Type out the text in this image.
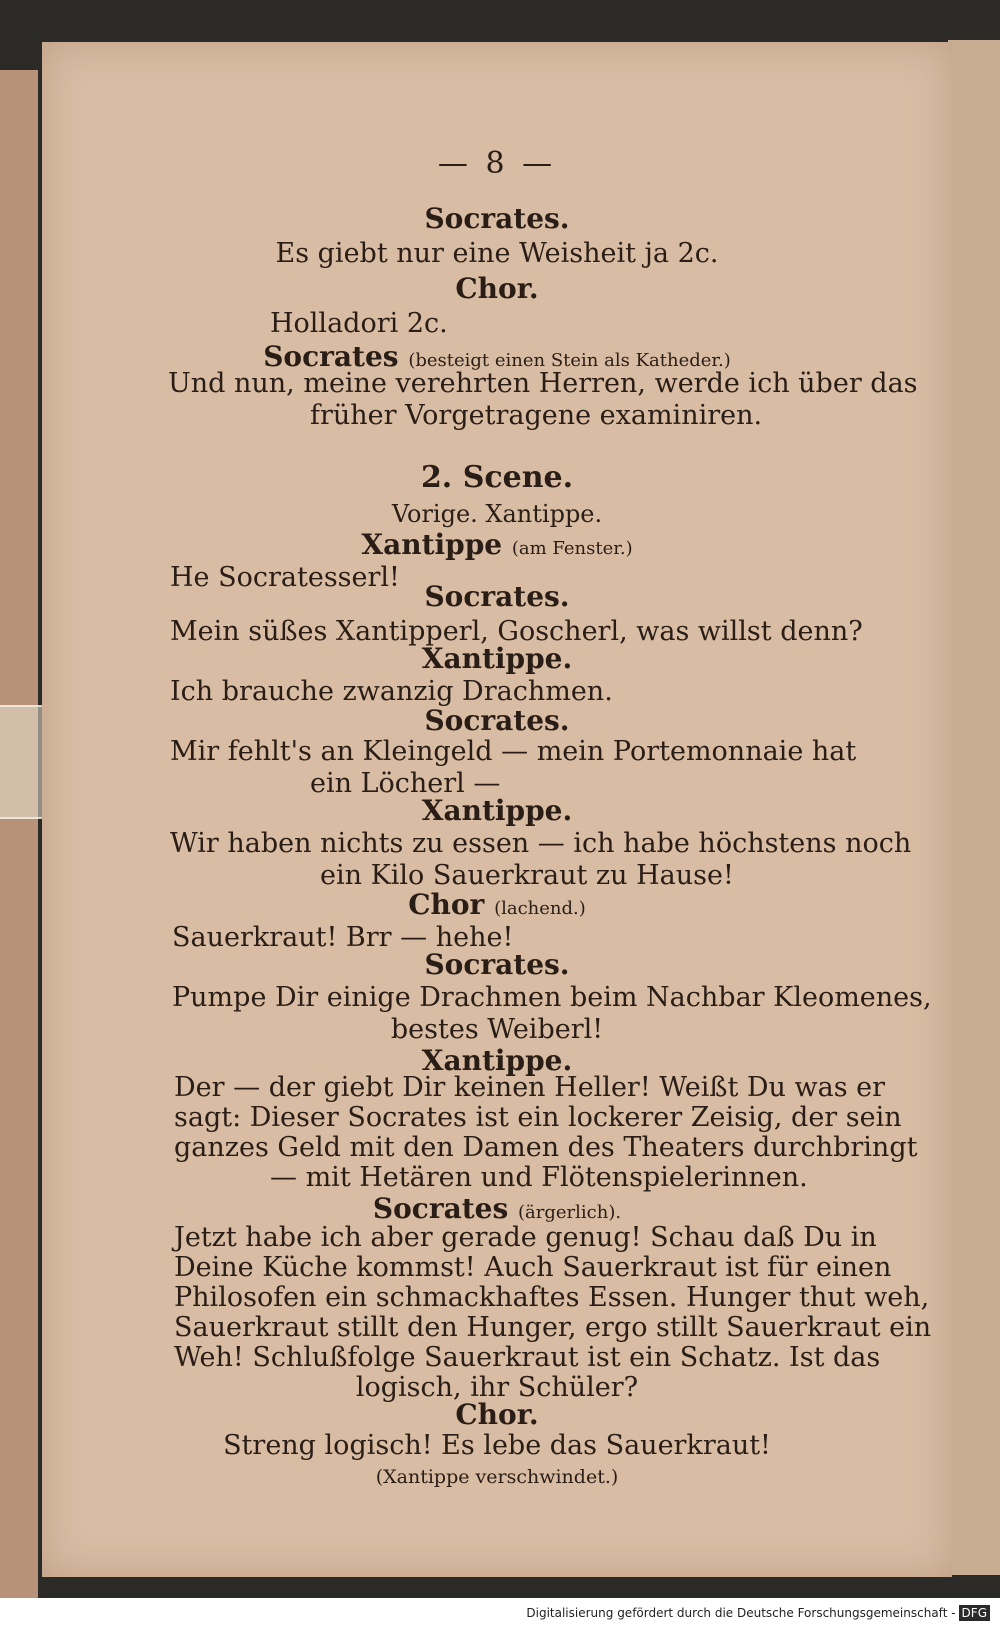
— 8 —
Socrates.
Es giebt nur eine Weisheit ja 2c.
Chor.
Holladori 2c.
Socrates (besteigt einen Stein als Katheder.)
Und nun, meine verehrten Herren, werde ich über das
früher Vorgetragene examiniren.
2. Scene.
Vorige. Xantippe.
Xantippe (am Fenster.)
He Socratesserl!
Socrates.
Mein süßes Xantipperl, Goscherl, was willst denn?
Xantippe.
Ich brauche zwanzig Drachmen.
Socrates.
Mir fehlt's an Kleingeld — mein Portemonnaie hat
ein Löcherl —
Xantippe.
Wir haben nichts zu essen — ich habe höchstens noch
ein Kilo Sauerkraut zu Hause!
Chor (lachend.)
Sauerkraut! Brr — hehe!
Socrates.
Pumpe Dir einige Drachmen beim Nachbar Kleomenes,
bestes Weiberl!
Xantippe.
Der — der giebt Dir keinen Heller! Weißt Du was er
sagt: Dieser Socrates ist ein lockerer Zeisig, der sein
ganzes Geld mit den Damen des Theaters durchbringt
— mit Hetären und Flötenspielerinnen.
Socrates (ärgerlich).
Jetzt habe ich aber gerade genug! Schau daß Du in
Deine Küche kommst! Auch Sauerkraut ist für einen
Philosofen ein schmackhaftes Essen. Hunger thut weh,
Sauerkraut stillt den Hunger, ergo stillt Sauerkraut ein
Weh! Schlußfolge Sauerkraut ist ein Schatz. Ist das
logisch, ihr Schüler?
Chor.
Streng logisch! Es lebe das Sauerkraut!
(Xantippe verschwindet.)
Digitalisierung gefördert durch die Deutsche Forschungsgemeinschaft - DFG
